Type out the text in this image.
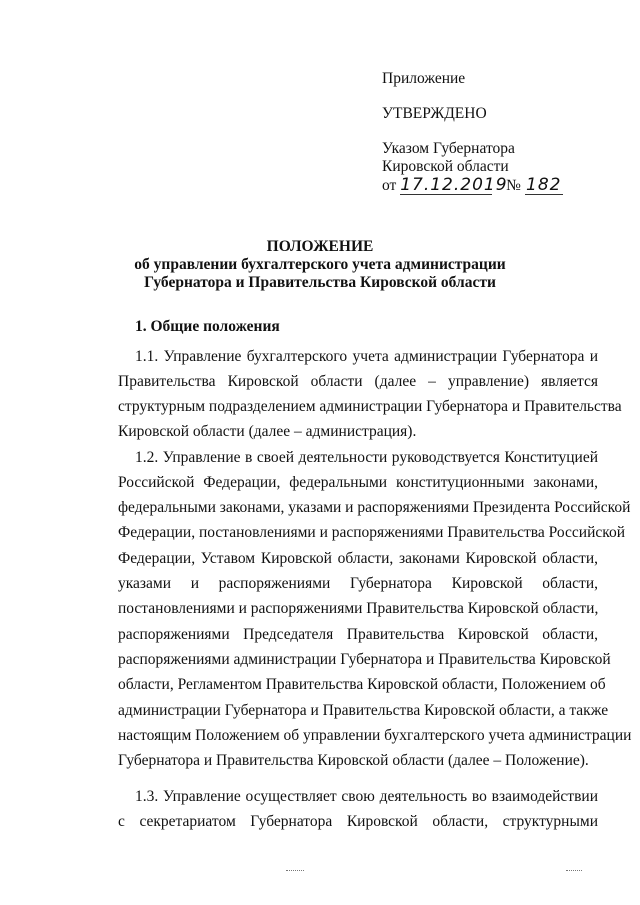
Приложение
УТВЕРЖДЕНО
Указом Губернатора
Кировской области
от 17.12.2019 № 182
ПОЛОЖЕНИЕ
об управлении бухгалтерского учета администрации
Губернатора и Правительства Кировской области
1. Общие положения
1.1. Управление бухгалтерского учета администрации Губернатора и
Правительства Кировской области (далее – управление) является
структурным подразделением администрации Губернатора и Правительства
Кировской области (далее – администрация).
1.2. Управление в своей деятельности руководствуется Конституцией
Российской Федерации, федеральными конституционными законами,
федеральными законами, указами и распоряжениями Президента Российской
Федерации, постановлениями и распоряжениями Правительства Российской
Федерации, Уставом Кировской области, законами Кировской области,
указами и распоряжениями Губернатора Кировской области,
постановлениями и распоряжениями Правительства Кировской области,
распоряжениями Председателя Правительства Кировской области,
распоряжениями администрации Губернатора и Правительства Кировской
области, Регламентом Правительства Кировской области, Положением об
администрации Губернатора и Правительства Кировской области, а также
настоящим Положением об управлении бухгалтерского учета администрации
Губернатора и Правительства Кировской области (далее – Положение).
1.3. Управление осуществляет свою деятельность во взаимодействии
с секретариатом Губернатора Кировской области, структурными
